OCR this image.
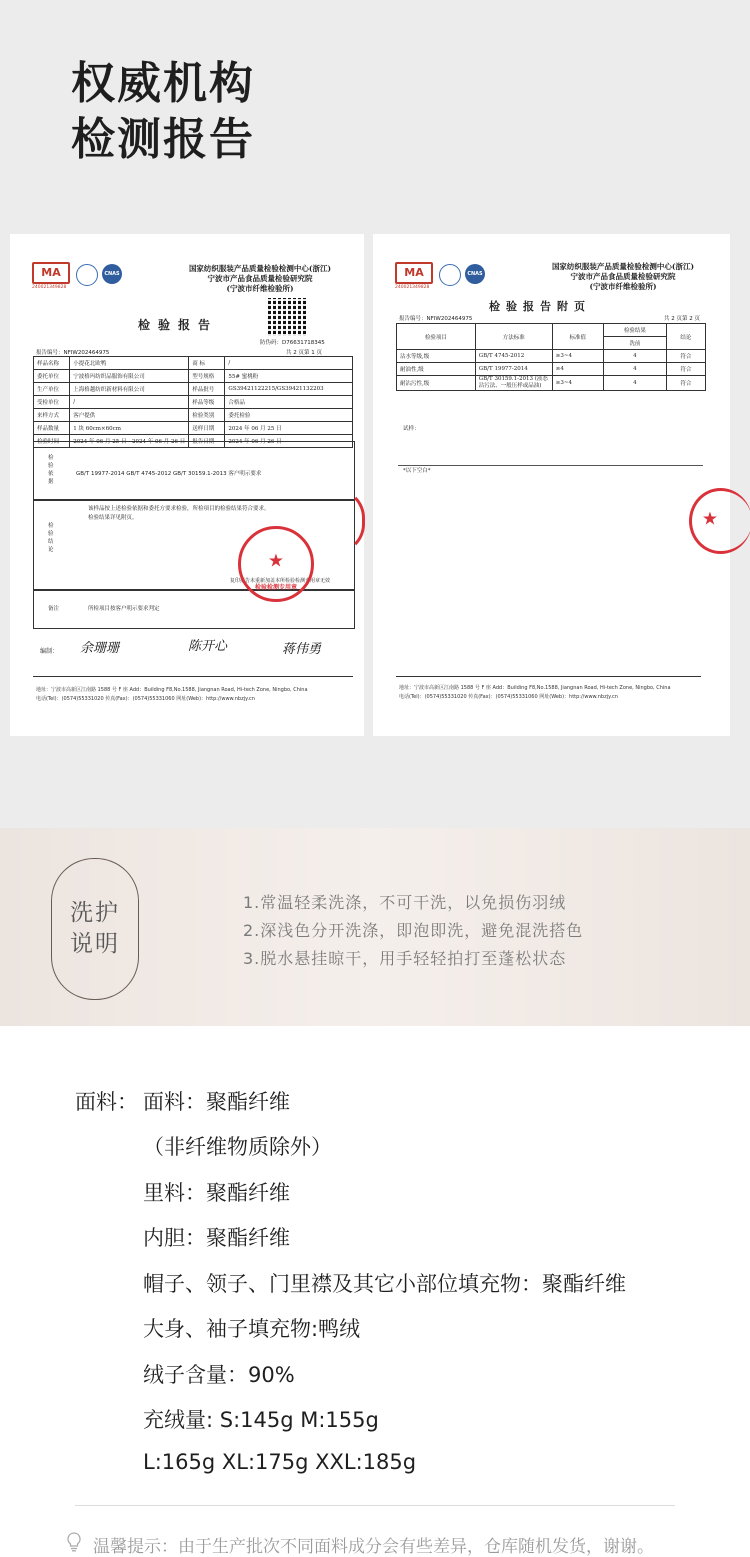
权威机构
检测报告
MA
240021349828
CNAS
国家纺织服装产品质量检验检测中心(浙江)
宁波市产品食品质量检验研究院
(宁波市纤维检验所)
检验报告
防伪码：D76631718345
报告编号：NFIW202464975	共 2 页第 1 页
样品名称	小提花北欧鸭	商 标	/
委托单位	宁波格玛纺织品服饰有限公司	型号规格	55# 蜜桃粉
生产单位	上海格越纺织新材料有限公司	样品批号	GS39421122215/GS39421132203
受检单位	/	样品等级	合格品
来样方式	客户提供	检验类别	委托检验
样品数量	1 块 60cm×60cm	送样日期	2024 年 06 月 25 日
检验时间	2024 年 06 月 25 日—2024 年 06 月 26 日	报告日期	2024 年 06 月 26 日
检验依据
GB/T 19977-2014 GB/T 4745-2012 GB/T 30159.1-2013 客户明示要求
检验结论
该样品按上述检验依据和委托方要求检验，所检项目的检验结果符合要求。
检验结果详见附页。
复印报告未重新加盖本所检验检测专用章无效
备注	所检项目按客户明示要求判定
★
检验检测专用章
编制： 余珊珊	陈开心	蒋伟勇
地址：宁波市高新区江南路 1588 号 F 座 Add：Building F8,No.1588, Jiangnan Road, Hi-tech Zone, Ningbo, China
电话(Tel)：(0574)55331020 传真(Fax)：(0574)55331060 网址(Web)：http://www.nbzjy.cn
MA
240021349828
CNAS
国家纺织服装产品质量检验检测中心(浙江)
宁波市产品食品质量检验研究院
(宁波市纤维检验所)
检验报告附页
报告编号：NFIW202464975	共 2 页第 2 页
检验项目	方法标准	标准值	检验结果	结论
			洗前	
沾水等级,级	GB/T 4745-2012	≥3~4	4	符合
耐油性,级	GB/T 19977-2014	≥4	4	符合
耐沾污性,级	GB/T 30159.1-2013 (液态沾污法、一般压样或品油)	≥3~4	4	符合
试样：
*以下空白*
★
地址：宁波市高新区江南路 1588 号 F 座 Add：Building F8,No.1588, Jiangnan Road, Hi-tech Zone, Ningbo, China
电话(Tel)：(0574)55331020 传真(Fax)：(0574)55331060 网址(Web)：http://www.nbzjy.cn
洗护
说明
1.常温轻柔洗涤，不可干洗，以免损伤羽绒
2.深浅色分开洗涤，即泡即洗，避免混洗搭色
3.脱水悬挂晾干，用手轻轻拍打至蓬松状态
面料： 面料：聚酯纤维
（非纤维物质除外）
里料：聚酯纤维
内胆：聚酯纤维
帽子、领子、门里襟及其它小部位填充物：聚酯纤维
大身、袖子填充物:鸭绒
绒子含量：90%
充绒量: S:145g M:155g
L:165g XL:175g XXL:185g
温馨提示：由于生产批次不同面料成分会有些差异，仓库随机发货，谢谢。
